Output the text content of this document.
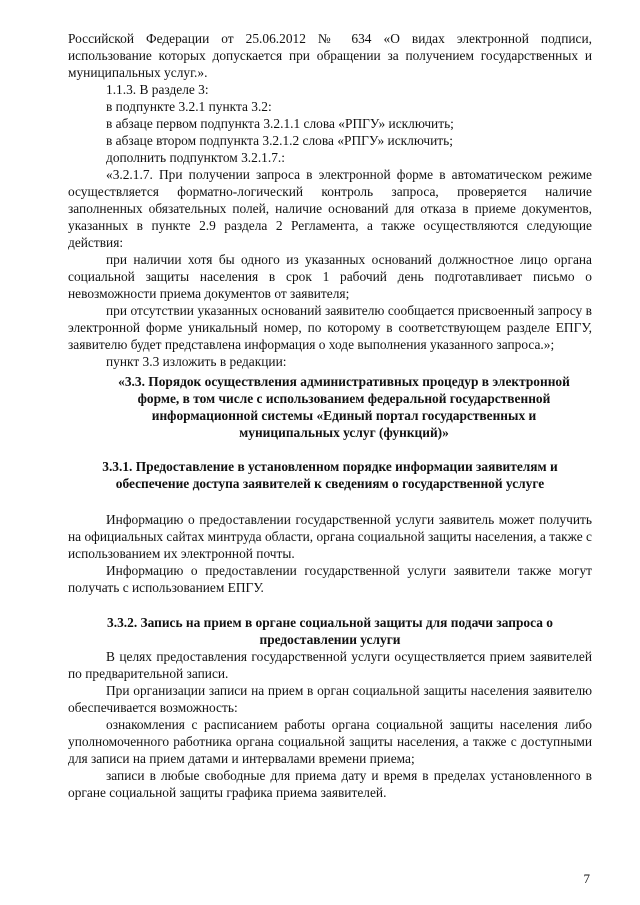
Российской Федерации от 25.06.2012 № 634 «О видах электронной подписи, использование которых допускается при обращении за получением государственных и муниципальных услуг.».

1.1.3. В разделе 3:

в подпункте 3.2.1 пункта 3.2:

в абзаце первом подпункта 3.2.1.1 слова «РПГУ» исключить;

в абзаце втором подпункта 3.2.1.2 слова «РПГУ» исключить;

дополнить подпунктом 3.2.1.7.:

«3.2.1.7. При получении запроса в электронной форме в автоматическом режиме осуществляется форматно-логический контроль запроса, проверяется наличие заполненных обязательных полей, наличие оснований для отказа в приеме документов, указанных в пункте 2.9 раздела 2 Регламента, а также осуществляются следующие действия:

при наличии хотя бы одного из указанных оснований должностное лицо органа социальной защиты населения в срок 1 рабочий день подготавливает письмо о невозможности приема документов от заявителя;

при отсутствии указанных оснований заявителю сообщается присвоенный запросу в электронной форме уникальный номер, по которому в соответствующем разделе ЕПГУ, заявителю будет представлена информация о ходе выполнения указанного запроса.»;

пункт 3.3 изложить в редакции:

«3.3. Порядок осуществления административных процедур в электронной форме, в том числе с использованием федеральной государственной информационной системы «Единый портал государственных и муниципальных услуг (функций)»

3.3.1. Предоставление в установленном порядке информации заявителям и обеспечение доступа заявителей к сведениям о государственной услуге

Информацию о предоставлении государственной услуги заявитель может получить на официальных сайтах минтруда области, органа социальной защиты населения, а также с использованием их электронной почты.

Информацию о предоставлении государственной услуги заявители также могут получать с использованием ЕПГУ.

3.3.2. Запись на прием в органе социальной защиты для подачи запроса о предоставлении услуги

В целях предоставления государственной услуги осуществляется прием заявителей по предварительной записи.

При организации записи на прием в орган социальной защиты населения заявителю обеспечивается возможность:

ознакомления с расписанием работы органа социальной защиты населения либо уполномоченного работника органа социальной защиты населения, а также с доступными для записи на прием датами и интервалами времени приема;

записи в любые свободные для приема дату и время в пределах установленного в органе социальной защиты графика приема заявителей.

7
